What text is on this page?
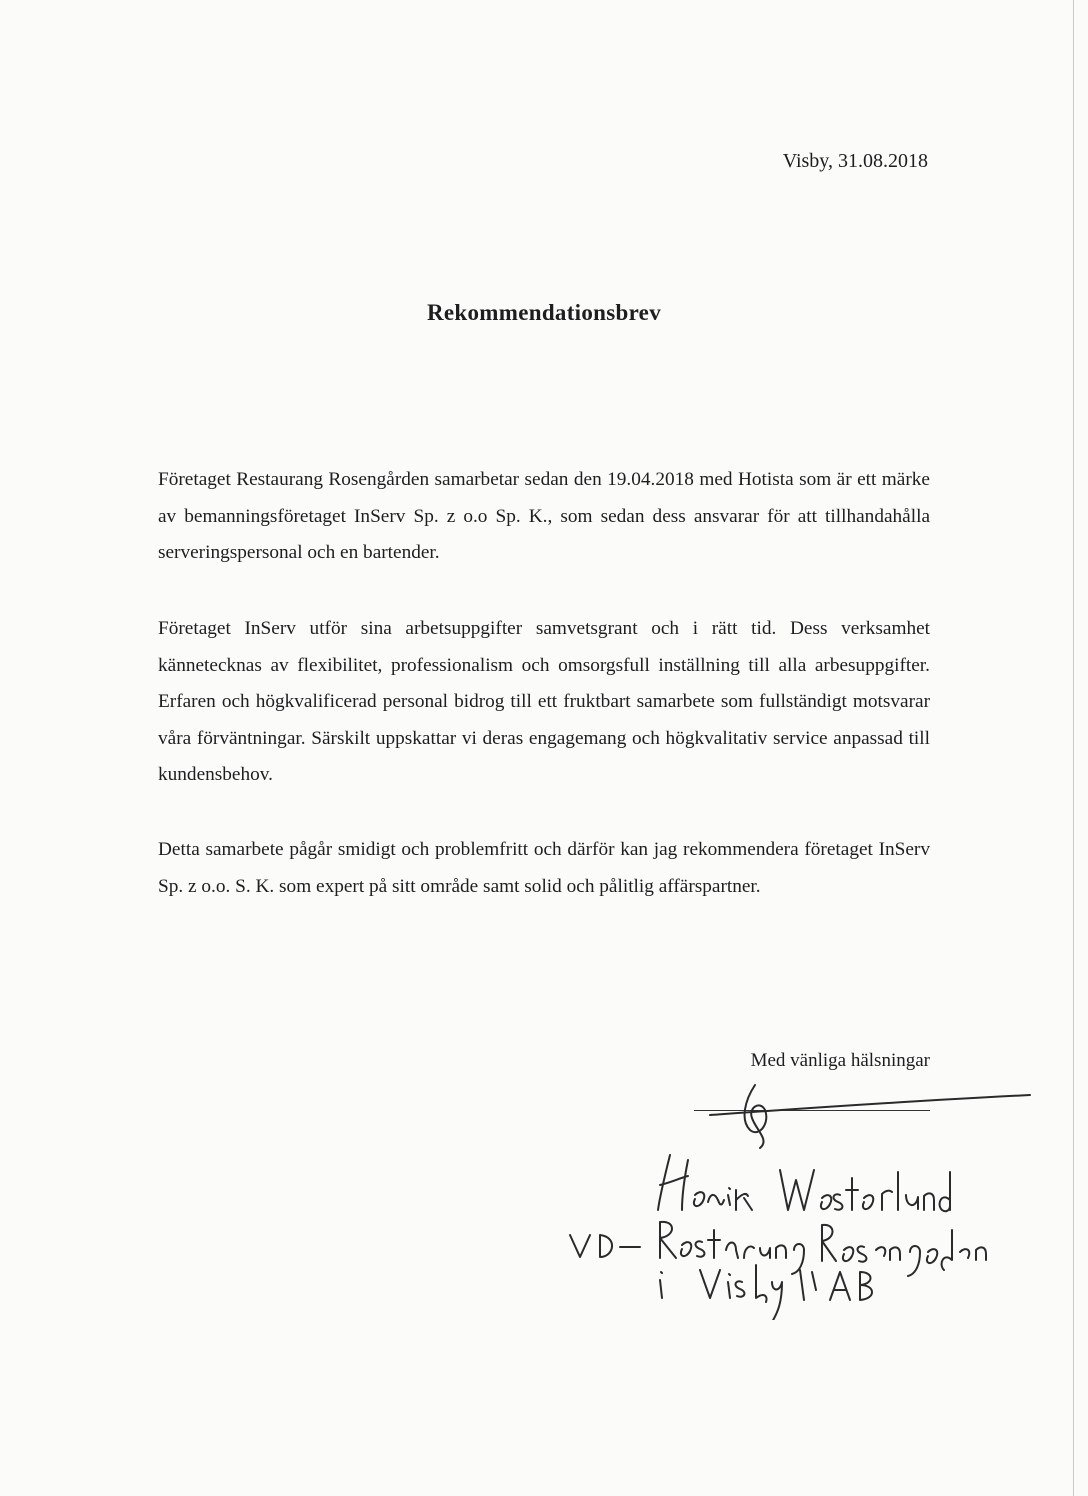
Visby, 31.08.2018
Rekommendationsbrev
Företaget Restaurang Rosengården samarbetar sedan den 19.04.2018 med Hotista som är ett märke av bemanningsföretaget InServ Sp. z o.o Sp. K., som sedan dess ansvarar för att tillhandahålla serveringspersonal och en bartender.
Företaget InServ utför sina arbetsuppgifter samvetsgrant och i rätt tid. Dess verksamhet kännetecknas av flexibilitet, professionalism och omsorgsfull inställning till alla arbesuppgifter. Erfaren och högkvalificerad personal bidrog till ett fruktbart samarbete som fullständigt motsvarar våra förväntningar. Särskilt uppskattar vi deras engagemang och högkvalitativ service anpassad till kundensbehov.
Detta samarbete pågår smidigt och problemfritt och därför kan jag rekommendera företaget InServ Sp. z o.o. S. K. som expert på sitt område samt solid och pålitlig affärspartner.
Med vänliga hälsningar
